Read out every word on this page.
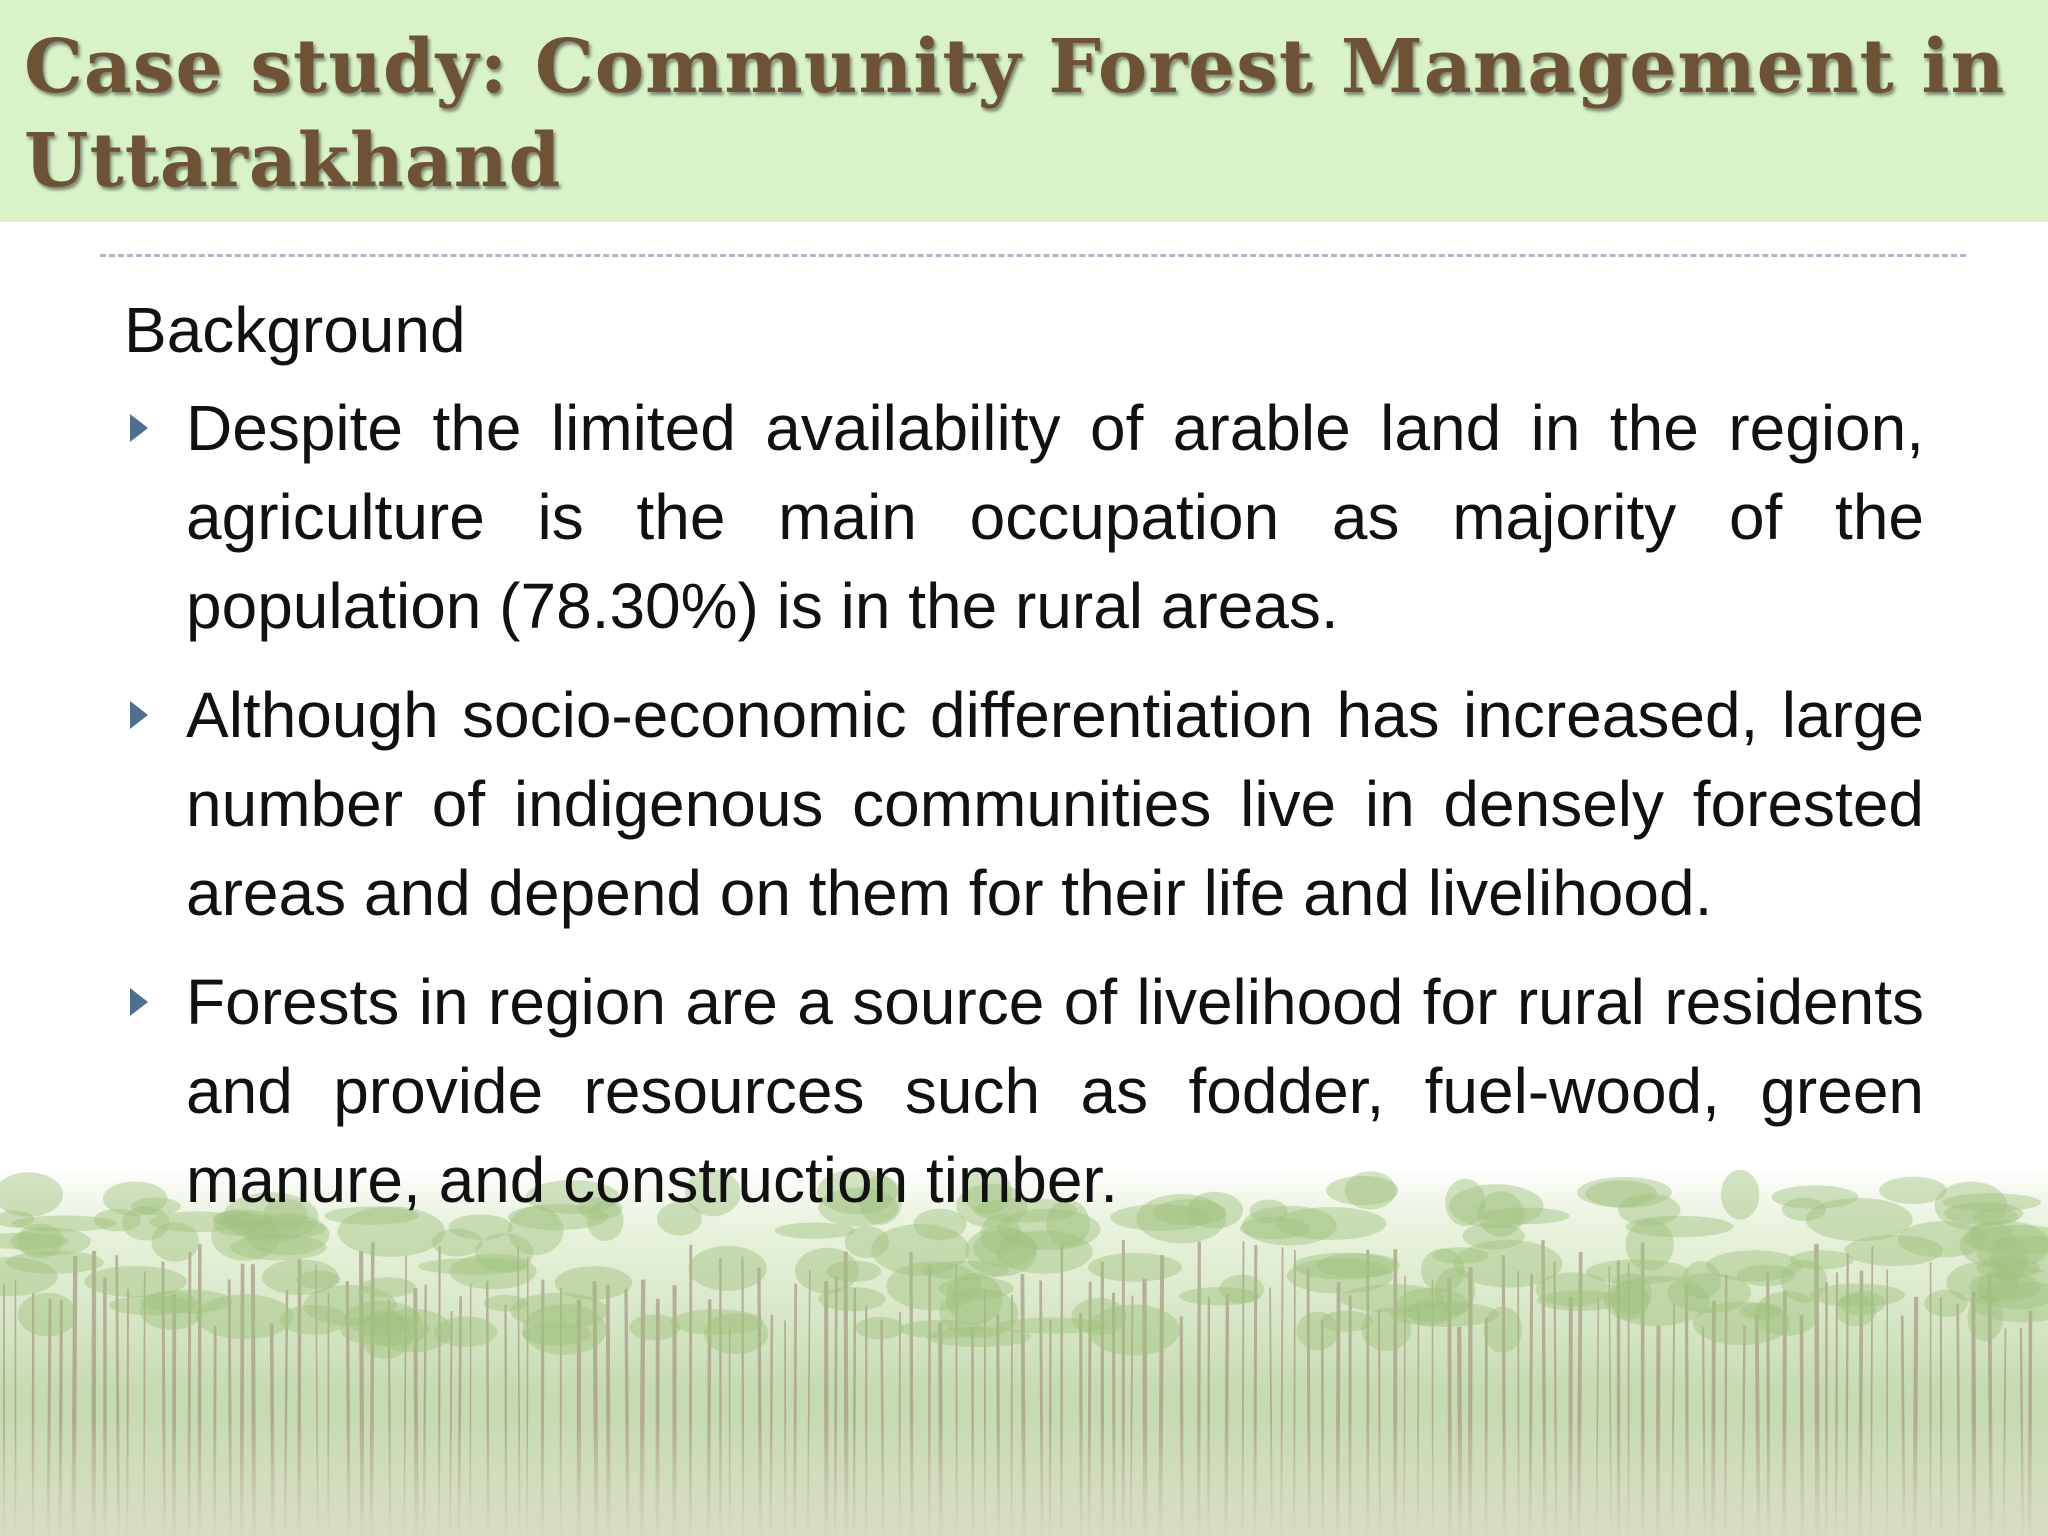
Case study: Community Forest Management in Uttarakhand
Background
Despite the limited availability of arable land in the region, agriculture is the main occupation as majority of the population (78.30%) is in the rural areas.
Although socio-economic differentiation has increased, large number of indigenous communities live in densely forested areas and depend on them for their life and livelihood.
Forests in region are a source of livelihood for rural residents and provide resources such as fodder, fuel-wood, green manure, and construction timber.
